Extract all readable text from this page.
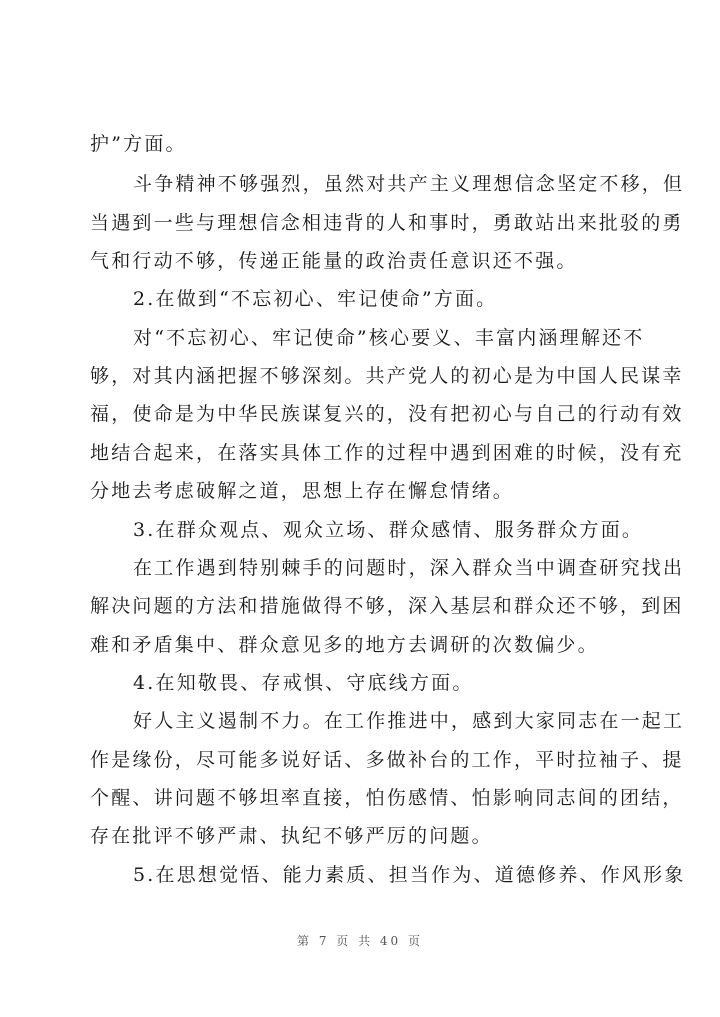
护”方面。
斗争精神不够强烈，虽然对共产主义理想信念坚定不移，但
当遇到一些与理想信念相违背的人和事时，勇敢站出来批驳的勇
气和行动不够，传递正能量的政治责任意识还不强。
2.在做到“不忘初心、牢记使命”方面。
对“不忘初心、牢记使命”核心要义、丰富内涵理解还不
够，对其内涵把握不够深刻。共产党人的初心是为中国人民谋幸
福，使命是为中华民族谋复兴的，没有把初心与自己的行动有效
地结合起来，在落实具体工作的过程中遇到困难的时候，没有充
分地去考虑破解之道，思想上存在懈怠情绪。
3.在群众观点、观众立场、群众感情、服务群众方面。
在工作遇到特别棘手的问题时，深入群众当中调查研究找出
解决问题的方法和措施做得不够，深入基层和群众还不够，到困
难和矛盾集中、群众意见多的地方去调研的次数偏少。
4.在知敬畏、存戒惧、守底线方面。
好人主义遏制不力。在工作推进中，感到大家同志在一起工
作是缘份，尽可能多说好话、多做补台的工作，平时拉袖子、提
个醒、讲问题不够坦率直接，怕伤感情、怕影响同志间的团结，
存在批评不够严肃、执纪不够严厉的问题。
5.在思想觉悟、能力素质、担当作为、道德修养、作风形象
第 7 页 共 40 页
